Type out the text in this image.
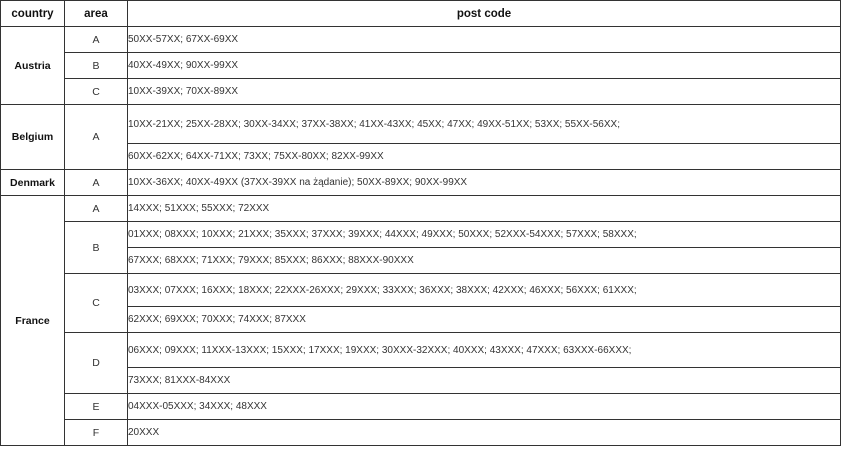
country	area	post code
Austria	A	50XX-57XX; 67XX-69XX
	B	40XX-49XX; 90XX-99XX
	C	10XX-39XX; 70XX-89XX
Belgium	A	10XX-21XX; 25XX-28XX; 30XX-34XX; 37XX-38XX; 41XX-43XX; 45XX; 47XX; 49XX-51XX; 53XX; 55XX-56XX;
		60XX-62XX; 64XX-71XX; 73XX; 75XX-80XX; 82XX-99XX
Denmark	A	10XX-36XX; 40XX-49XX (37XX-39XX na żądanie); 50XX-89XX; 90XX-99XX
France	A	14XXX; 51XXX; 55XXX; 72XXX
	B	01XXX; 08XXX; 10XXX; 21XXX; 35XXX; 37XXX; 39XXX; 44XXX; 49XXX; 50XXX; 52XXX-54XXX; 57XXX; 58XXX;
		67XXX; 68XXX; 71XXX; 79XXX; 85XXX; 86XXX; 88XXX-90XXX
	C	03XXX; 07XXX; 16XXX; 18XXX; 22XXX-26XXX; 29XXX; 33XXX; 36XXX; 38XXX; 42XXX; 46XXX; 56XXX; 61XXX;
		62XXX; 69XXX; 70XXX; 74XXX; 87XXX
	D	06XXX; 09XXX; 11XXX-13XXX; 15XXX; 17XXX; 19XXX; 30XXX-32XXX; 40XXX; 43XXX; 47XXX; 63XXX-66XXX;
		73XXX; 81XXX-84XXX
	E	04XXX-05XXX; 34XXX; 48XXX
	F	20XXX
